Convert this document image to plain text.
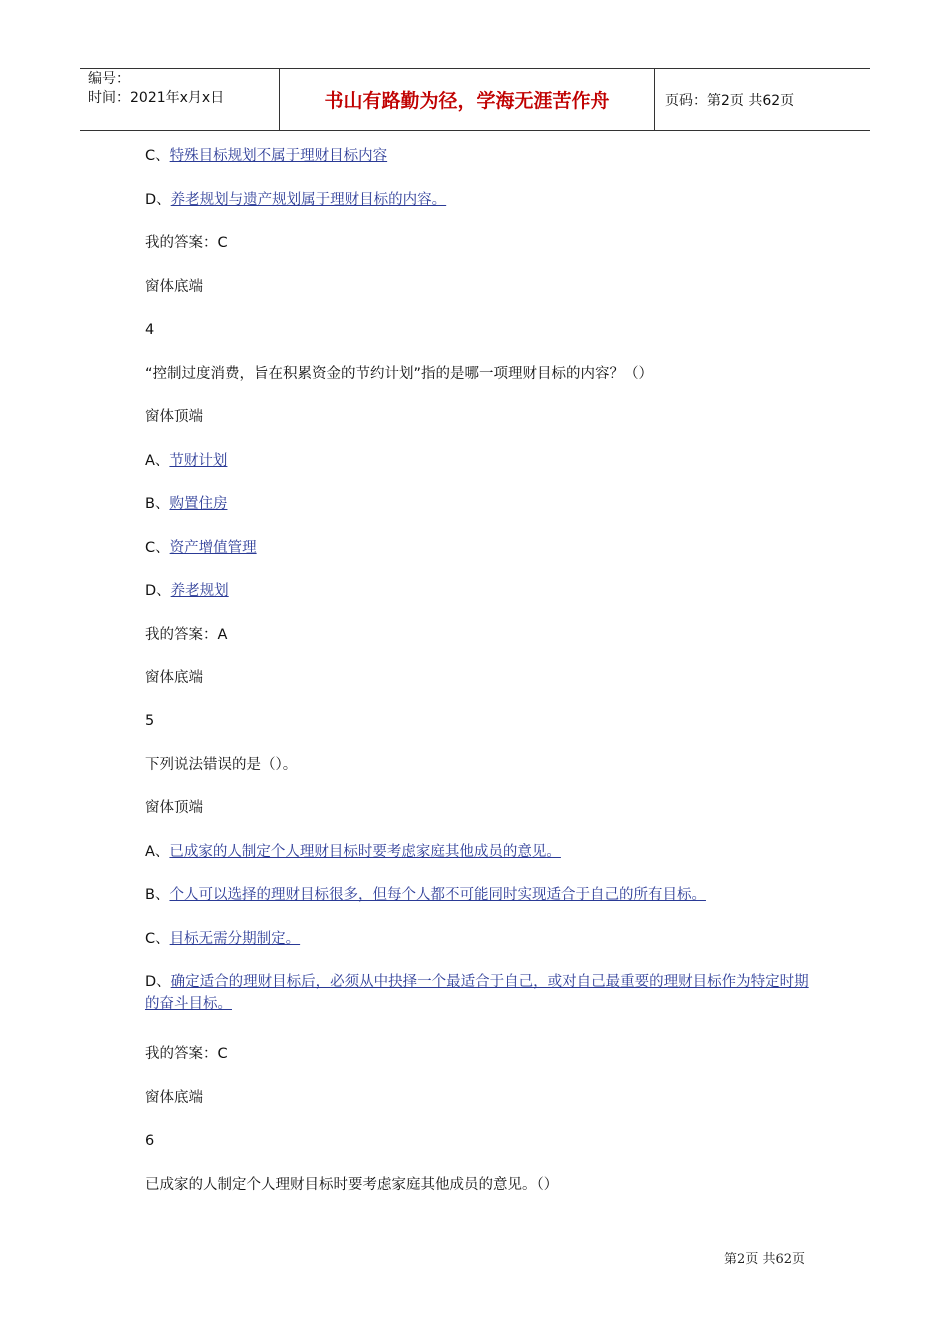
编号：
时间：2021年x月x日	书山有路勤为径，学海无涯苦作舟	页码：第2页 共62页

C、特殊目标规划不属于理财目标内容

D、养老规划与遗产规划属于理财目标的内容。

我的答案：C

窗体底端

4

“控制过度消费，旨在积累资金的节约计划”指的是哪一项理财目标的内容？（）

窗体顶端

A、节财计划

B、购置住房

C、资产增值管理

D、养老规划

我的答案：A

窗体底端

5

下列说法错误的是（）。

窗体顶端

A、已成家的人制定个人理财目标时要考虑家庭其他成员的意见。

B、个人可以选择的理财目标很多，但每个人都不可能同时实现适合于自己的所有目标。

C、目标无需分期制定。

D、确定适合的理财目标后，必须从中抉择一个最适合于自己，或对自己最重要的理财目标作为特定时期的奋斗目标。

我的答案：C

窗体底端

6

已成家的人制定个人理财目标时要考虑家庭其他成员的意见。（）

第2页 共62页
